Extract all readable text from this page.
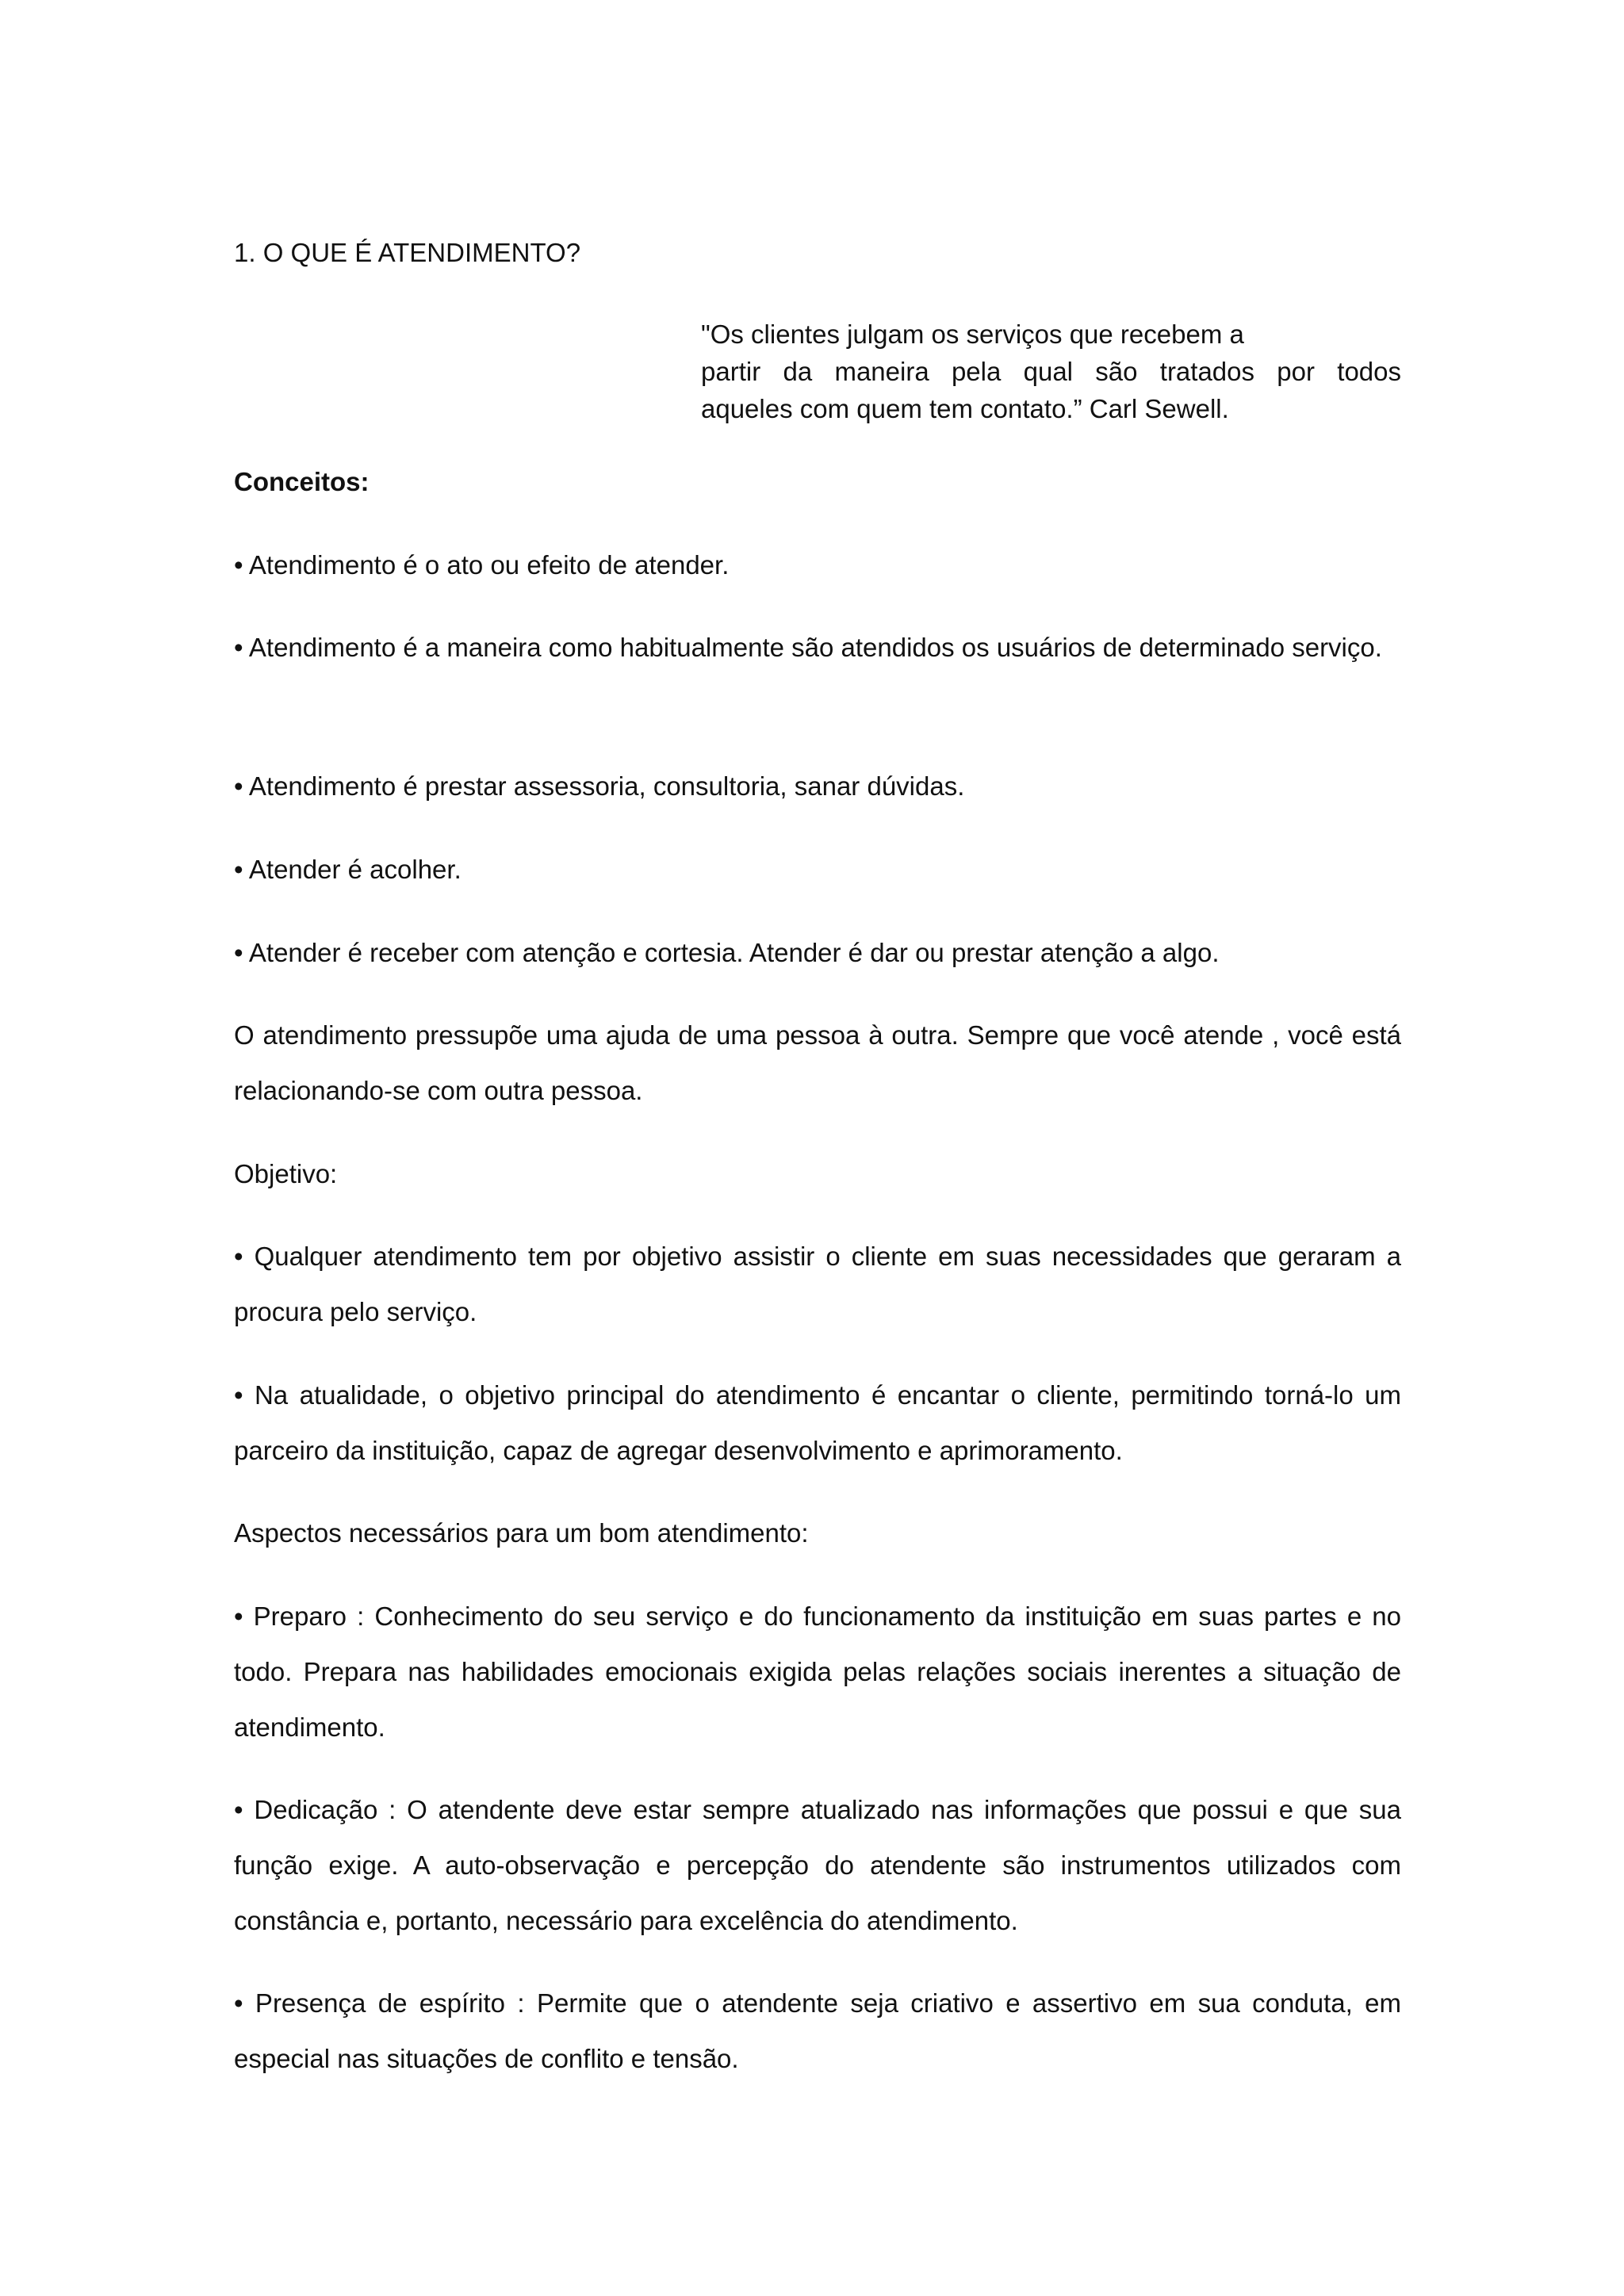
1. O QUE É ATENDIMENTO?
"Os clientes julgam os serviços que recebem a
partir da maneira pela qual são tratados por todos
aqueles com quem tem contato.” Carl Sewell.

Conceitos:

• Atendimento é o ato ou efeito de atender.

• Atendimento é a maneira como habitualmente são atendidos os usuários de determinado serviço.

• Atendimento é prestar assessoria, consultoria, sanar dúvidas.

• Atender é acolher.

• Atender é receber com atenção e cortesia. Atender é dar ou prestar atenção a algo.

O atendimento pressupõe uma ajuda de uma pessoa à outra. Sempre que você atende , você está relacionando-se com outra pessoa.

Objetivo:

• Qualquer atendimento tem por objetivo assistir o cliente em suas necessidades que geraram a procura pelo serviço.

• Na atualidade, o objetivo principal do atendimento é encantar o cliente, permitindo torná-lo um parceiro da instituição, capaz de agregar desenvolvimento e aprimoramento.

Aspectos necessários para um bom atendimento:

• Preparo : Conhecimento do seu serviço e do funcionamento da instituição em suas partes e no todo. Prepara nas habilidades emocionais exigida pelas relações sociais inerentes a situação de atendimento.

• Dedicação : O atendente deve estar sempre atualizado nas informações que possui e que sua função exige. A auto-observação e percepção do atendente são instrumentos utilizados com constância e, portanto, necessário para excelência do atendimento.

• Presença de espírito : Permite que o atendente seja criativo e assertivo em sua conduta, em especial nas situações de conflito e tensão.
